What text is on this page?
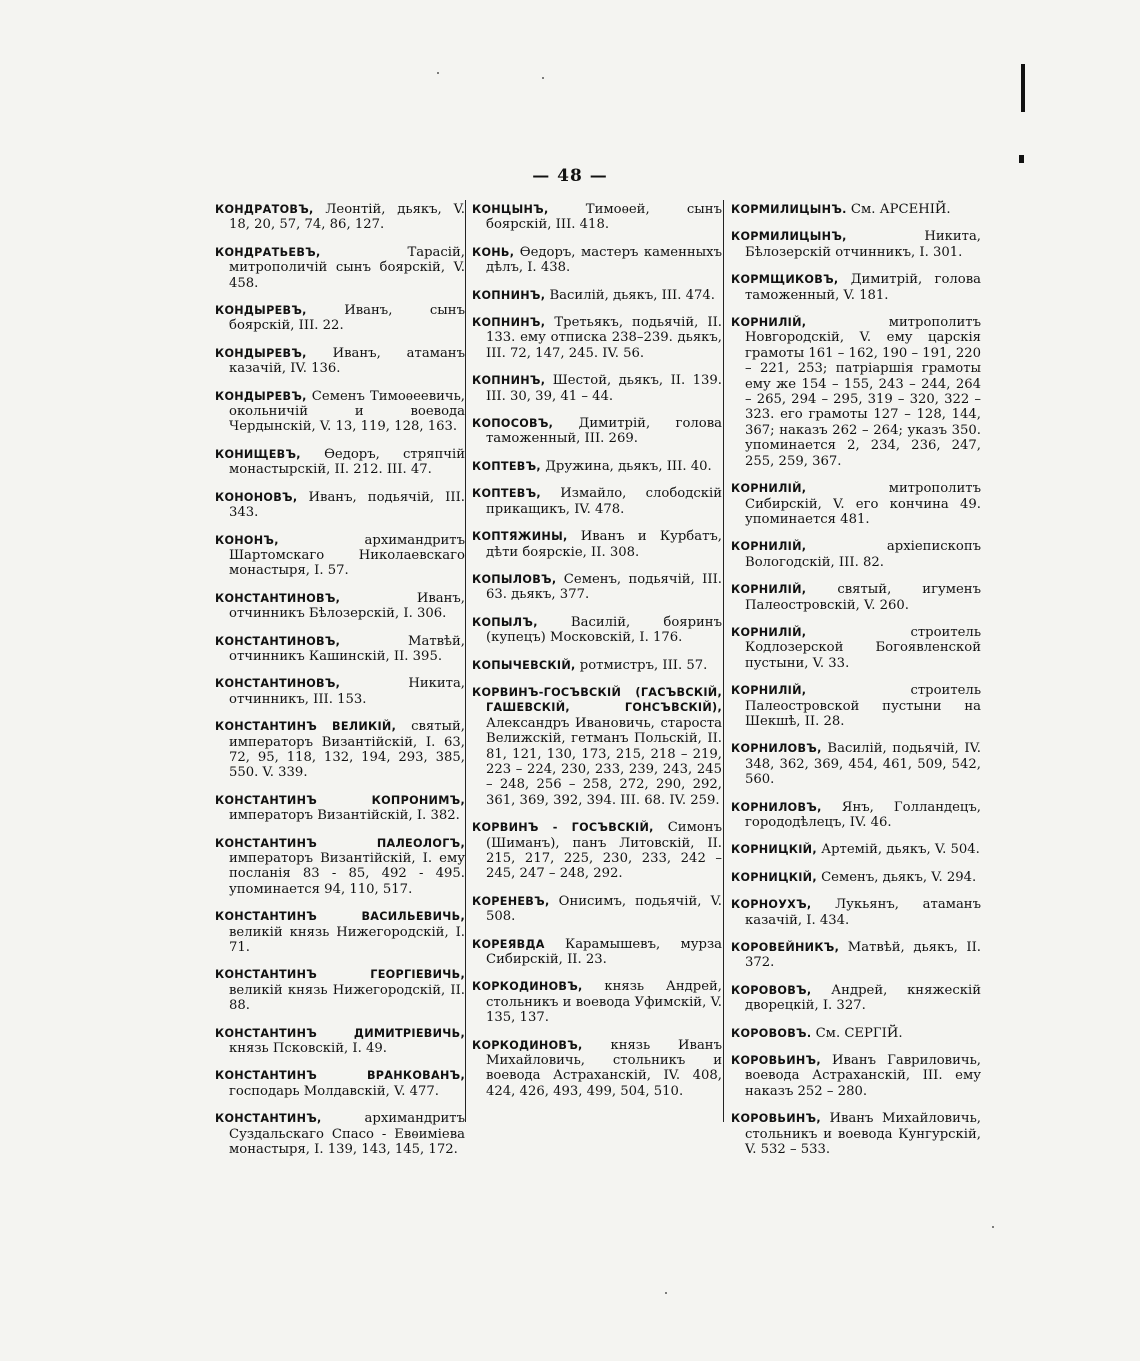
— 48 —

КОНДРАТОВЪ, Леонтій, дьякъ, V. 18, 20, 57, 74, 86, 127.

КОНДРАТЬЕВЪ,	Тарасій, митрополичій сынъ боярскій, V. 458.

КОНДЫРЕВЪ,	Иванъ, сынъ боярскій, III. 22.

КОНДЫРЕВЪ, Иванъ, атаманъ казачій, IV. 136.

КОНДЫРЕВЪ, Семенъ Тимоѳеевичь, окольничій и воевода Чердынскій, V. 13, 119, 128, 163.

КОНИЩЕВЪ, Ѳедоръ, стряпчій монастырскій, II. 212. III. 47.

КОНОНОВЪ, Иванъ, подьячій, III. 343.

КОНОНЪ,	архимандритъ Шартомскаго Николаевскаго монастыря, I. 57.

КОНСТАНТИНОВЪ,	Иванъ, отчинникъ Бѣлозерскій, I. 306.

КОНСТАНТИНОВЪ,	Матвѣй, отчинникъ Кашинскій, II. 395.

КОНСТАНТИНОВЪ,	Никита, отчинникъ, III. 153.

КОНСТАНТИНЪ ВЕЛИКІЙ, святый, императоръ Византійскій, I. 63, 72, 95, 118, 132, 194, 293, 385, 550. V. 339.

КОНСТАНТИНЪ КОПРОНИМЪ, императоръ Византійскій, I. 382.

КОНСТАНТИНЪ ПАЛЕОЛОГЪ, императоръ Византійскій, I. ему посланія 83 - 85, 492 - 495. упоминается 94, 110, 517.

КОНСТАНТИНЪ ВАСИЛЬЕВИЧЬ, великій князь Нижегородскій, I. 71.

КОНСТАНТИНЪ ГЕОРГІЕВИЧЬ, великій князь Нижегородскій, II. 88.

КОНСТАНТИНЪ ДИМИТРІЕВИЧЬ, князь Псковскій, I. 49.

КОНСТАНТИНЪ ВРАНКОВАНЪ, господарь Молдавскій, V. 477.

КОНСТАНТИНЪ,	архимандритъ Суздальскаго Спасо - Евѳиміева монастыря, I. 139, 143, 145, 172.

КОНЦЫНЪ,	Тимоѳей, сынъ боярскій, III. 418.

КОНЬ, Ѳедоръ, мастеръ каменныхъ дѣлъ, I. 438.

КОПНИНЪ, Василій, дьякъ, III. 474.

КОПНИНЪ, Третьякъ, подьячій, II. 133. ему отписка 238–239. дьякъ, III. 72, 147, 245. IV. 56.

КОПНИНЪ, Шестой, дьякъ, II. 139. III. 30, 39, 41 – 44.

КОПОСОВЪ, Димитрій, голова таможенный, III. 269.

КОПТЕВЪ, Дружина, дьякъ, III. 40.

КОПТЕВЪ, Измайло, слободскій прикащикъ, IV. 478.

КОПТЯЖИНЫ, Иванъ и Курбатъ, дѣти боярскіе, II. 308.

КОПЫЛОВЪ, Семенъ, подьячій, III. 63. дьякъ, 377.

КОПЫЛЪ,	Василій, бояринъ (купецъ) Московскій, I. 176.

КОПЫЧЕВСКІЙ, ротмистръ, III. 57.

КОРВИНЪ-ГОСЪВСКІЙ (ГАСЪВСКІЙ, ГАШЕВСКІЙ, ГОНСЪВСКІЙ), Александръ Ивановичь, староста Велижскій, гетманъ Польскій, II. 81, 121, 130, 173, 215, 218 – 219, 223 – 224, 230, 233, 239, 243, 245 – 248, 256 – 258, 272, 290, 292, 361, 369, 392, 394. III. 68. IV. 259.

КОРВИНЪ - ГОСЪВСКІЙ, Симонъ (Шиманъ), панъ Литовскій, II. 215, 217, 225, 230, 233, 242 – 245, 247 – 248, 292.

КОРЕНЕВЪ, Онисимъ, подьячій, V. 508.

КОРЕЯВДА Карамышевъ, мурза Сибирскій, II. 23.

КОРКОДИНОВЪ, князь Андрей, стольникъ и воевода Уфимскій, V. 135, 137.

КОРКОДИНОВЪ, князь Иванъ Михайловичь, стольникъ и воевода Астраханскій, IV. 408, 424, 426, 493, 499, 504, 510.

КОРМИЛИЦЫНЪ. См. АРСЕНІЙ.

КОРМИЛИЦЫНЪ,	Никита, Бѣлозерскій отчинникъ, I. 301.

КОРМЩИКОВЪ, Димитрій, голова таможенный, V. 181.

КОРНИЛІЙ,	митрополитъ Новгородскій, V. ему царскія грамоты 161 – 162, 190 – 191, 220 – 221, 253; патріаршія грамоты ему же 154 – 155, 243 – 244, 264 – 265, 294 – 295, 319 – 320, 322 – 323. его грамоты 127 – 128, 144, 367; наказъ 262 – 264; указъ 350. упоминается 2, 234, 236, 247, 255, 259, 367.

КОРНИЛІЙ,	митрополитъ Сибирскій, V. его кончина 49. упоминается 481.

КОРНИЛІЙ,	архіепископъ Вологодскій, III. 82.

КОРНИЛІЙ, святый, игуменъ Палеостровскій, V. 260.

КОРНИЛІЙ,	строитель Кодлозерской Богоявленской пустыни, V. 33.

КОРНИЛІЙ,	строитель Палеостровской пустыни на Шекшѣ, II. 28.

КОРНИЛОВЪ, Василій, подьячій, IV. 348, 362, 369, 454, 461, 509, 542, 560.

КОРНИЛОВЪ, Янъ, Голландецъ, горододѣлецъ, IV. 46.

КОРНИЦКІЙ, Артемій, дьякъ, V. 504.

КОРНИЦКІЙ, Семенъ, дьякъ, V. 294.

КОРНОУХЪ, Лукьянъ, атаманъ казачій, I. 434.

КОРОВЕЙНИКЪ, Матвѣй, дьякъ, II. 372.

КОРОВОВЪ, Андрей, княжескій дворецкій, I. 327.

КОРОВОВЪ. См. СЕРГІЙ.

КОРОВЬИНЪ, Иванъ Гавриловичь, воевода Астраханскій, III. ему наказъ 252 – 280.

КОРОВЬИНЪ, Иванъ Михайловичь, стольникъ и воевода Кунгурскій, V. 532 – 533.
